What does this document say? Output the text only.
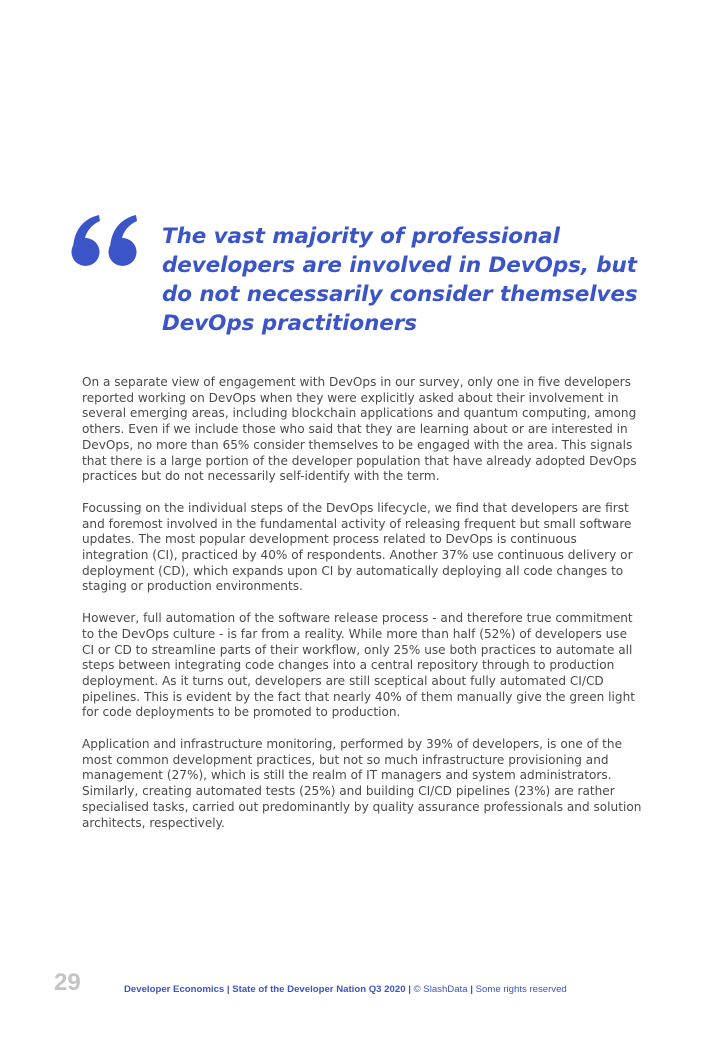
The vast majority of professional developers are involved in DevOps, but do not necessarily consider themselves DevOps practitioners

On a separate view of engagement with DevOps in our survey, only one in five developers reported working on DevOps when they were explicitly asked about their involvement in several emerging areas, including blockchain applications and quantum computing, among others. Even if we include those who said that they are learning about or are interested in DevOps, no more than 65% consider themselves to be engaged with the area. This signals that there is a large portion of the developer population that have already adopted DevOps practices but do not necessarily self-identify with the term.

Focussing on the individual steps of the DevOps lifecycle, we find that developers are first and foremost involved in the fundamental activity of releasing frequent but small software updates. The most popular development process related to DevOps is continuous integration (CI), practiced by 40% of respondents. Another 37% use continuous delivery or deployment (CD), which expands upon CI by automatically deploying all code changes to staging or production environments.

However, full automation of the software release process - and therefore true commitment to the DevOps culture - is far from a reality. While more than half (52%) of developers use CI or CD to streamline parts of their workflow, only 25% use both practices to automate all steps between integrating code changes into a central repository through to production deployment. As it turns out, developers are still sceptical about fully automated CI/CD pipelines. This is evident by the fact that nearly 40% of them manually give the green light for code deployments to be promoted to production.

Application and infrastructure monitoring, performed by 39% of developers, is one of the most common development practices, but not so much infrastructure provisioning and management (27%), which is still the realm of IT managers and system administrators. Similarly, creating automated tests (25%) and building CI/CD pipelines (23%) are rather specialised tasks, carried out predominantly by quality assurance professionals and solution architects, respectively.

29	Developer Economics | State of the Developer Nation Q3 2020 | © SlashData | Some rights reserved
